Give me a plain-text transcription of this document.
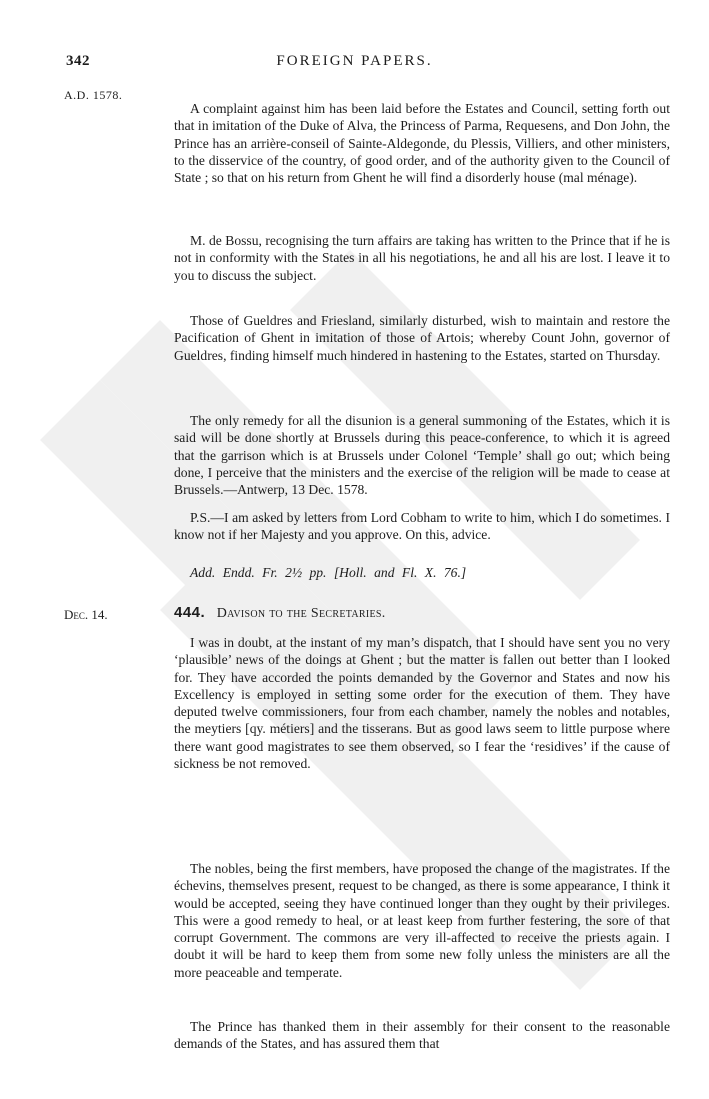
342	FOREIGN PAPERS.
A.D. 1578.

A complaint against him has been laid before the Estates and Council, setting forth out that in imitation of the Duke of Alva, the Princess of Parma, Requesens, and Don John, the Prince has an arrière-conseil of Sainte-Aldegonde, du Plessis, Villiers, and other ministers, to the disservice of the country, of good order, and of the authority given to the Council of State ; so that on his return from Ghent he will find a disorderly house (mal ménage).

M. de Bossu, recognising the turn affairs are taking has written to the Prince that if he is not in conformity with the States in all his negotiations, he and all his are lost. I leave it to you to discuss the subject.

Those of Gueldres and Friesland, similarly disturbed, wish to maintain and restore the Pacification of Ghent in imitation of those of Artois; whereby Count John, governor of Gueldres, finding himself much hindered in hastening to the Estates, started on Thursday.

The only remedy for all the disunion is a general summoning of the Estates, which it is said will be done shortly at Brussels during this peace-conference, to which it is agreed that the garrison which is at Brussels under Colonel ‘Temple’ shall go out; which being done, I perceive that the ministers and the exercise of the religion will be made to cease at Brussels.—Antwerp, 13 Dec. 1578.

P.S.—I am asked by letters from Lord Cobham to write to him, which I do sometimes. I know not if her Majesty and you approve. On this, advice.

Add. Endd. Fr. 2½ pp. [Holl. and Fl. X. 76.]
Dec. 14.	444. Davison to the Secretaries.

I was in doubt, at the instant of my man’s dispatch, that I should have sent you no very ‘plausible’ news of the doings at Ghent ; but the matter is fallen out better than I looked for. They have accorded the points demanded by the Governor and States and now his Excellency is employed in setting some order for the execution of them. They have deputed twelve commissioners, four from each chamber, namely the nobles and notables, the meytiers [qy. métiers] and the tisserans. But as good laws seem to little purpose where there want good magistrates to see them observed, so I fear the ‘residives’ if the cause of sickness be not removed.

The nobles, being the first members, have proposed the change of the magistrates. If the échevins, themselves present, request to be changed, as there is some appearance, I think it would be accepted, seeing they have continued longer than they ought by their privileges. This were a good remedy to heal, or at least keep from further festering, the sore of that corrupt Government. The commons are very ill-affected to receive the priests again. I doubt it will be hard to keep them from some new folly unless the ministers are all the more peaceable and temperate.

The Prince has thanked them in their assembly for their consent to the reasonable demands of the States, and has assured them that
